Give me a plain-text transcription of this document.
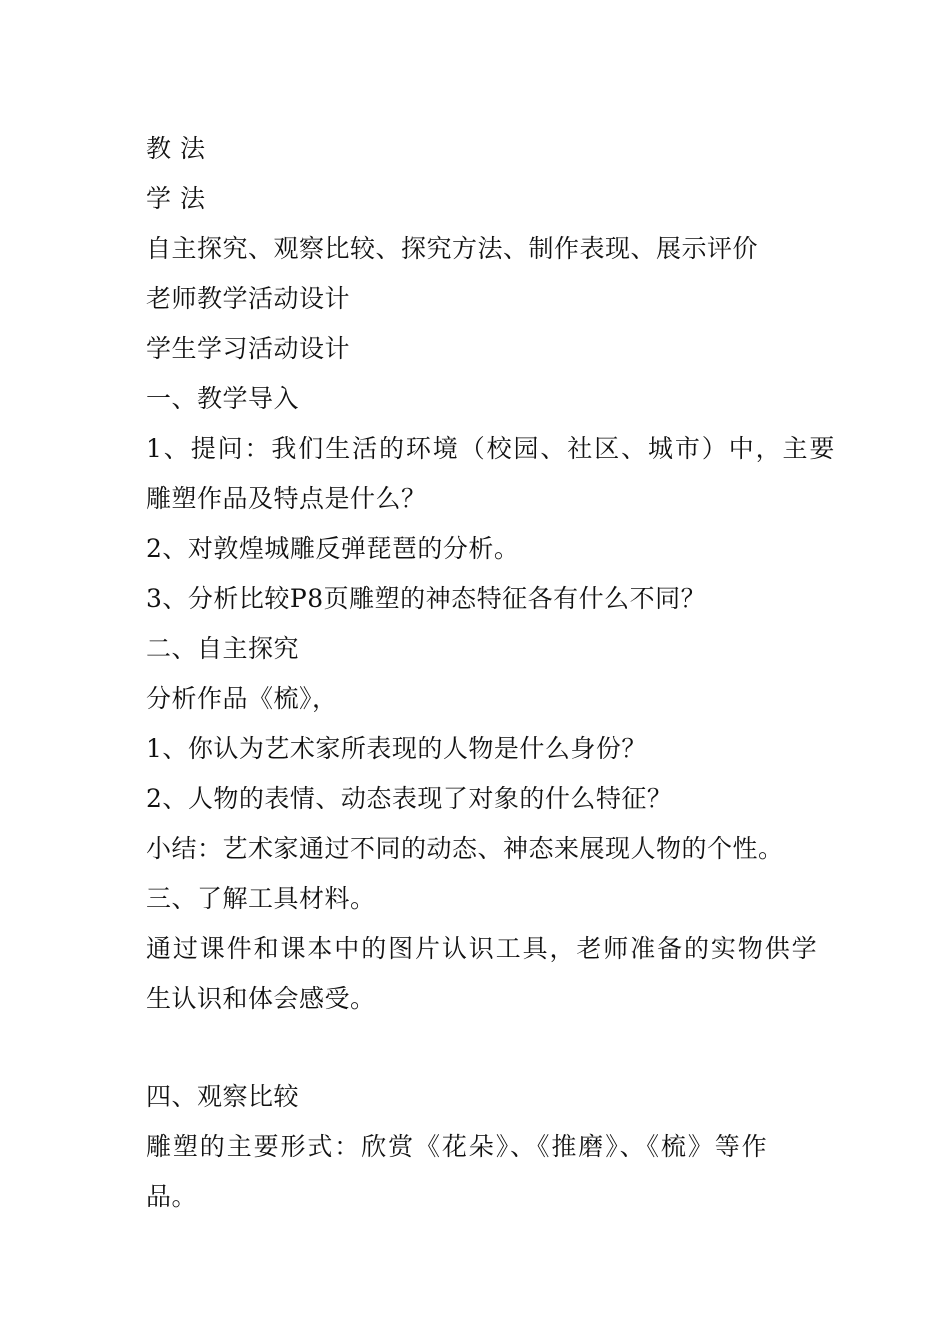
教 法
学 法
自主探究、观察比较、探究方法、制作表现、展示评价
老师教学活动设计
学生学习活动设计
一、教学导入
1、提问：我们生活的环境（校园、社区、城市）中，主要
雕塑作品及特点是什么？
2、对敦煌城雕反弹琵琶的分析。
3、分析比较P8页雕塑的神态特征各有什么不同？
二、自主探究
分析作品《梳》，
1、你认为艺术家所表现的人物是什么身份？
2、人物的表情、动态表现了对象的什么特征？
小结：艺术家通过不同的动态、神态来展现人物的个性。
三、了解工具材料。
通过课件和课本中的图片认识工具，老师准备的实物供学
生认识和体会感受。
四、观察比较
雕塑的主要形式：欣赏《花朵》、《推磨》、《梳》等作
品。
